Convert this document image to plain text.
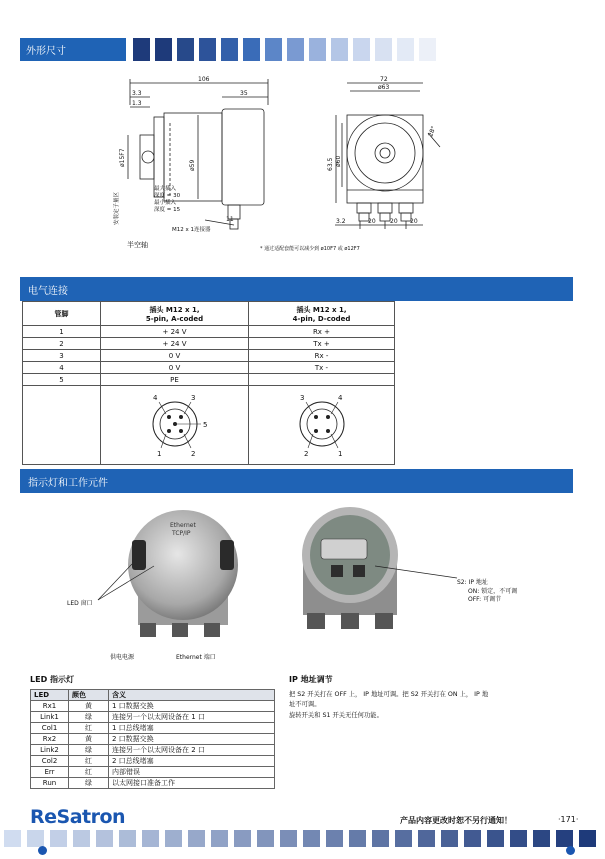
外形尺寸
106
3.3
1.3
35
72
ø63
11	3.2	20 20 20
28°
ø15F7	ø59	63.5 ø60
安装定子量区
最大插入
深度 = 30
最小插入
深度 = 15
M12 x 1连接器
半空轴	* 通过适配套能可以减少到 ø10F7 或 ø12F7
电气连接
管脚	插头 M12 x 1,
5-pin, A-coded	插头 M12 x 1,
4-pin, D-coded
1	+ 24 V	Rx +
2	+ 24 V	Tx +
3	0 V	Rx -
4	0 V	Tx -
5	PE	

4 3
5
1 2	3 4
2 1
指示灯和工作元件
Ethernet
TCP/IP
LED 窗口
供电电源	Ethernet 端口
S2: IP 地址
ON: 锁定，不可调
OFF: 可调节
LED 指示灯
LED	颜色	含义
Rx1	黄	1 口数据交换
Link1	绿	连接另一个以太网设备在 1 口
Col1	红	1 口总线堵塞
Rx2	黄	2 口数据交换
Link2	绿	连接另一个以太网设备在 2 口
Col2	红	2 口总线堵塞
Err	红	内部错误
Run	绿	以太网接口准备工作
IP 地址调节
把 S2 开关打在 OFF 上， IP 地址可调。把 S2 开关打在 ON 上， IP 地
址不可调。
旋转开关和 S1 开关无任何功能。
ReSatron	产品内容更改时恕不另行通知！	·171·
